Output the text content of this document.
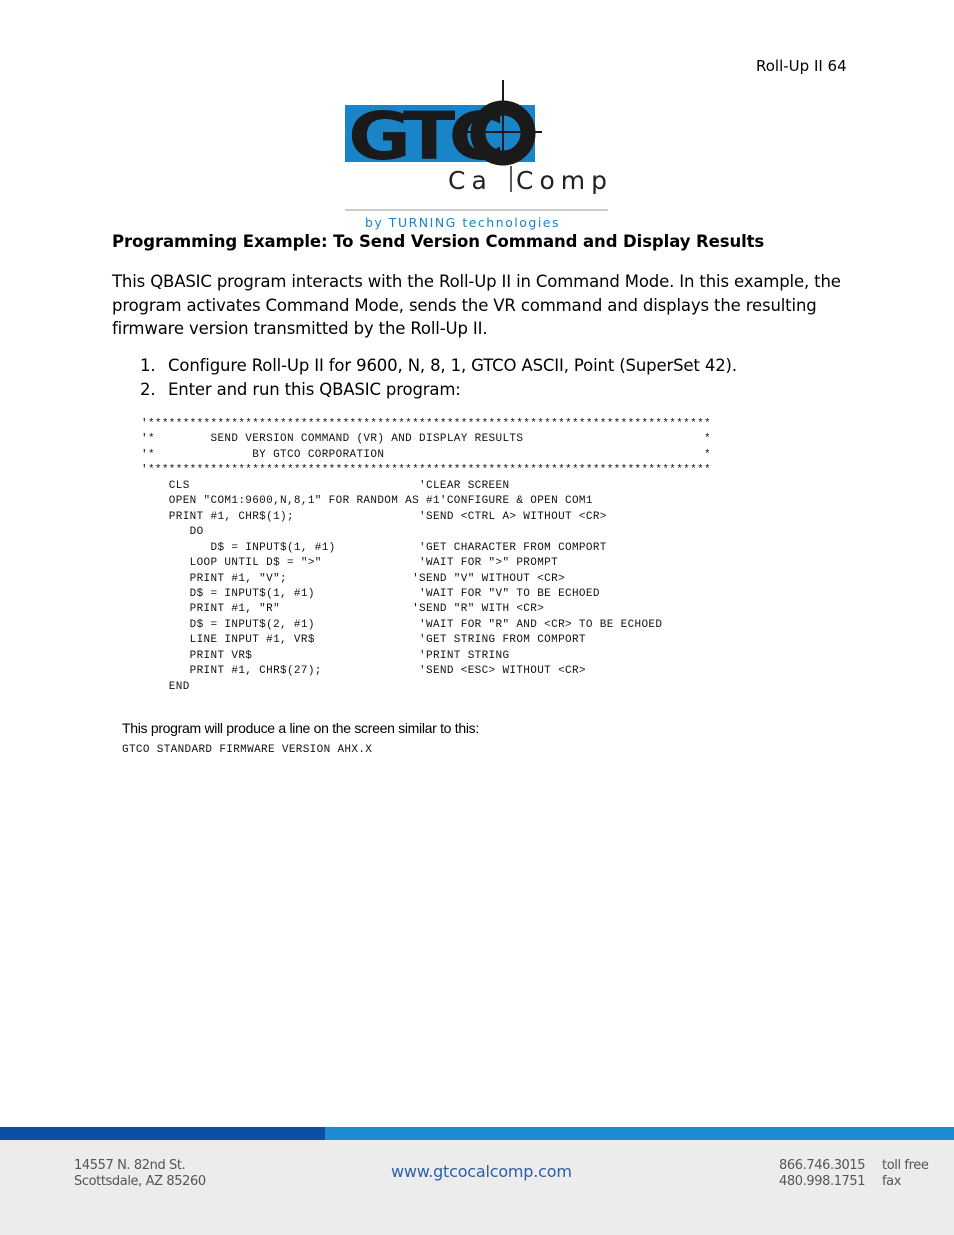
Roll-Up II 64
GTC
Ca Comp
by TURNING technologies
Programming Example: To Send Version Command and Display Results
This QBASIC program interacts with the Roll-Up II in Command Mode. In this example, the
program activates Command Mode, sends the VR command and displays the resulting
firmware version transmitted by the Roll-Up II.
1. Configure Roll-Up II for 9600, N, 8, 1, GTCO ASCII, Point (SuperSet 42).
2. Enter and run this QBASIC program:
'*********************************************************************************
'*        SEND VERSION COMMAND (VR) AND DISPLAY RESULTS                          *
'*              BY GTCO CORPORATION                                              *
'*********************************************************************************
CLS                                 'CLEAR SCREEN
OPEN "COM1:9600,N,8,1" FOR RANDOM AS #1'CONFIGURE & OPEN COM1
PRINT #1, CHR$(1);                  'SEND <CTRL A> WITHOUT <CR>
DO
D$ = INPUT$(1, #1)            'GET CHARACTER FROM COMPORT
LOOP UNTIL D$ = ">"              'WAIT FOR ">" PROMPT
PRINT #1, "V";                  'SEND "V" WITHOUT <CR>
D$ = INPUT$(1, #1)               'WAIT FOR "V" TO BE ECHOED
PRINT #1, "R"                   'SEND "R" WITH <CR>
D$ = INPUT$(2, #1)               'WAIT FOR "R" AND <CR> TO BE ECHOED
LINE INPUT #1, VR$               'GET STRING FROM COMPORT
PRINT VR$                        'PRINT STRING
PRINT #1, CHR$(27);              'SEND <ESC> WITHOUT <CR>
END
This program will produce a line on the screen similar to this:
GTCO STANDARD FIRMWARE VERSION AHX.X
14557 N. 82nd St.
Scottsdale, AZ 85260
www.gtcocalcomp.com	866.746.3015
480.998.1751
toll free
fax
